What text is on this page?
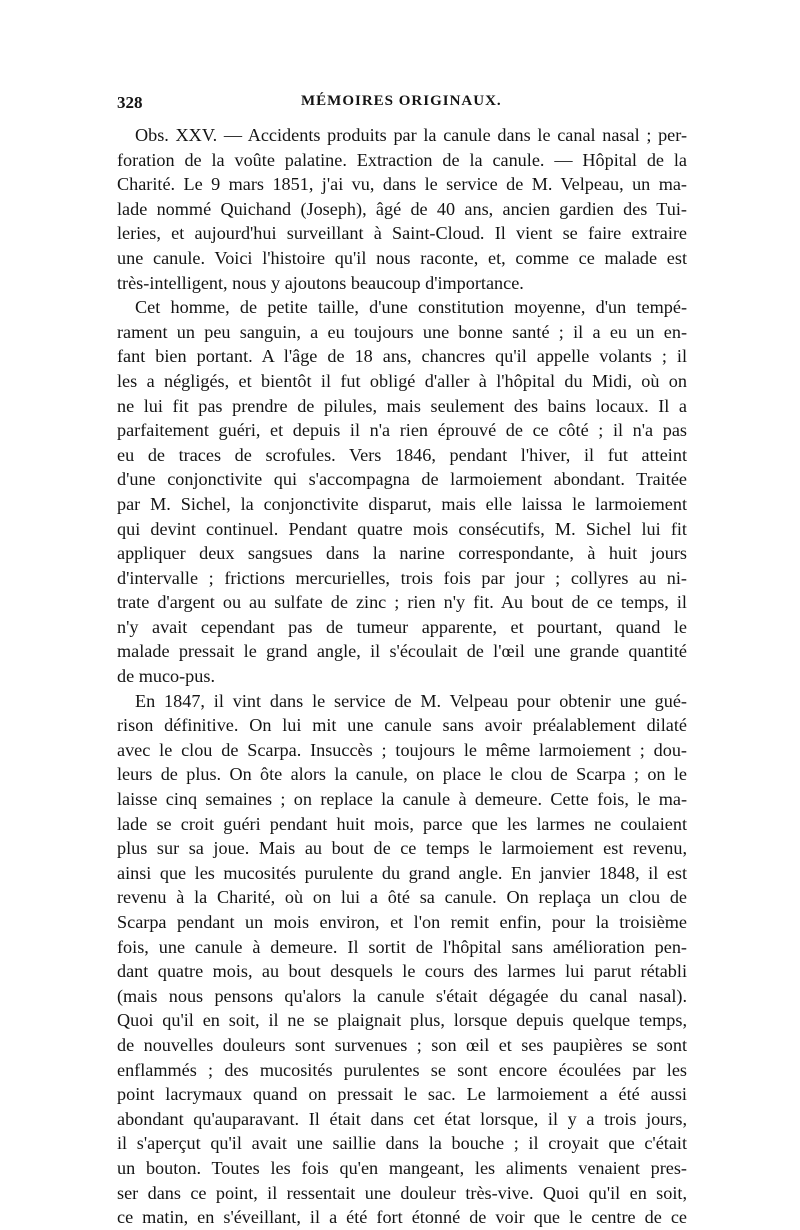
328	MÉMOIRES ORIGINAUX.
Obs. XXV. — Accidents produits par la canule dans le canal nasal ; per-
foration de la voûte palatine. Extraction de la canule. — Hôpital de la
Charité. Le 9 mars 1851, j'ai vu, dans le service de M. Velpeau, un ma-
lade nommé Quichand (Joseph), âgé de 40 ans, ancien gardien des Tui-
leries, et aujourd'hui surveillant à Saint-Cloud. Il vient se faire extraire
une canule. Voici l'histoire qu'il nous raconte, et, comme ce malade est
très-intelligent, nous y ajoutons beaucoup d'importance.
Cet homme, de petite taille, d'une constitution moyenne, d'un tempé-
rament un peu sanguin, a eu toujours une bonne santé ; il a eu un en-
fant bien portant. A l'âge de 18 ans, chancres qu'il appelle volants ; il
les a négligés, et bientôt il fut obligé d'aller à l'hôpital du Midi, où on
ne lui fit pas prendre de pilules, mais seulement des bains locaux. Il a
parfaitement guéri, et depuis il n'a rien éprouvé de ce côté ; il n'a pas
eu de traces de scrofules. Vers 1846, pendant l'hiver, il fut atteint
d'une conjonctivite qui s'accompagna de larmoiement abondant. Traitée
par M. Sichel, la conjonctivite disparut, mais elle laissa le larmoiement
qui devint continuel. Pendant quatre mois consécutifs, M. Sichel lui fit
appliquer deux sangsues dans la narine correspondante, à huit jours
d'intervalle ; frictions mercurielles, trois fois par jour ; collyres au ni-
trate d'argent ou au sulfate de zinc ; rien n'y fit. Au bout de ce temps, il
n'y avait cependant pas de tumeur apparente, et pourtant, quand le
malade pressait le grand angle, il s'écoulait de l'œil une grande quantité
de muco-pus.
En 1847, il vint dans le service de M. Velpeau pour obtenir une gué-
rison définitive. On lui mit une canule sans avoir préalablement dilaté
avec le clou de Scarpa. Insuccès ; toujours le même larmoiement ; dou-
leurs de plus. On ôte alors la canule, on place le clou de Scarpa ; on le
laisse cinq semaines ; on replace la canule à demeure. Cette fois, le ma-
lade se croit guéri pendant huit mois, parce que les larmes ne coulaient
plus sur sa joue. Mais au bout de ce temps le larmoiement est revenu,
ainsi que les mucosités purulente du grand angle. En janvier 1848, il est
revenu à la Charité, où on lui a ôté sa canule. On replaça un clou de
Scarpa pendant un mois environ, et l'on remit enfin, pour la troisième
fois, une canule à demeure. Il sortit de l'hôpital sans amélioration pen-
dant quatre mois, au bout desquels le cours des larmes lui parut rétabli
(mais nous pensons qu'alors la canule s'était dégagée du canal nasal).
Quoi qu'il en soit, il ne se plaignait plus, lorsque depuis quelque temps,
de nouvelles douleurs sont survenues ; son œil et ses paupières se sont
enflammés ; des mucosités purulentes se sont encore écoulées par les
point lacrymaux quand on pressait le sac. Le larmoiement a été aussi
abondant qu'auparavant. Il était dans cet état lorsque, il y a trois jours,
il s'aperçut qu'il avait une saillie dans la bouche ; il croyait que c'était
un bouton. Toutes les fois qu'en mangeant, les aliments venaient pres-
ser dans ce point, il ressentait une douleur très-vive. Quoi qu'il en soit,
ce matin, en s'éveillant, il a été fort étonné de voir que le centre de ce
